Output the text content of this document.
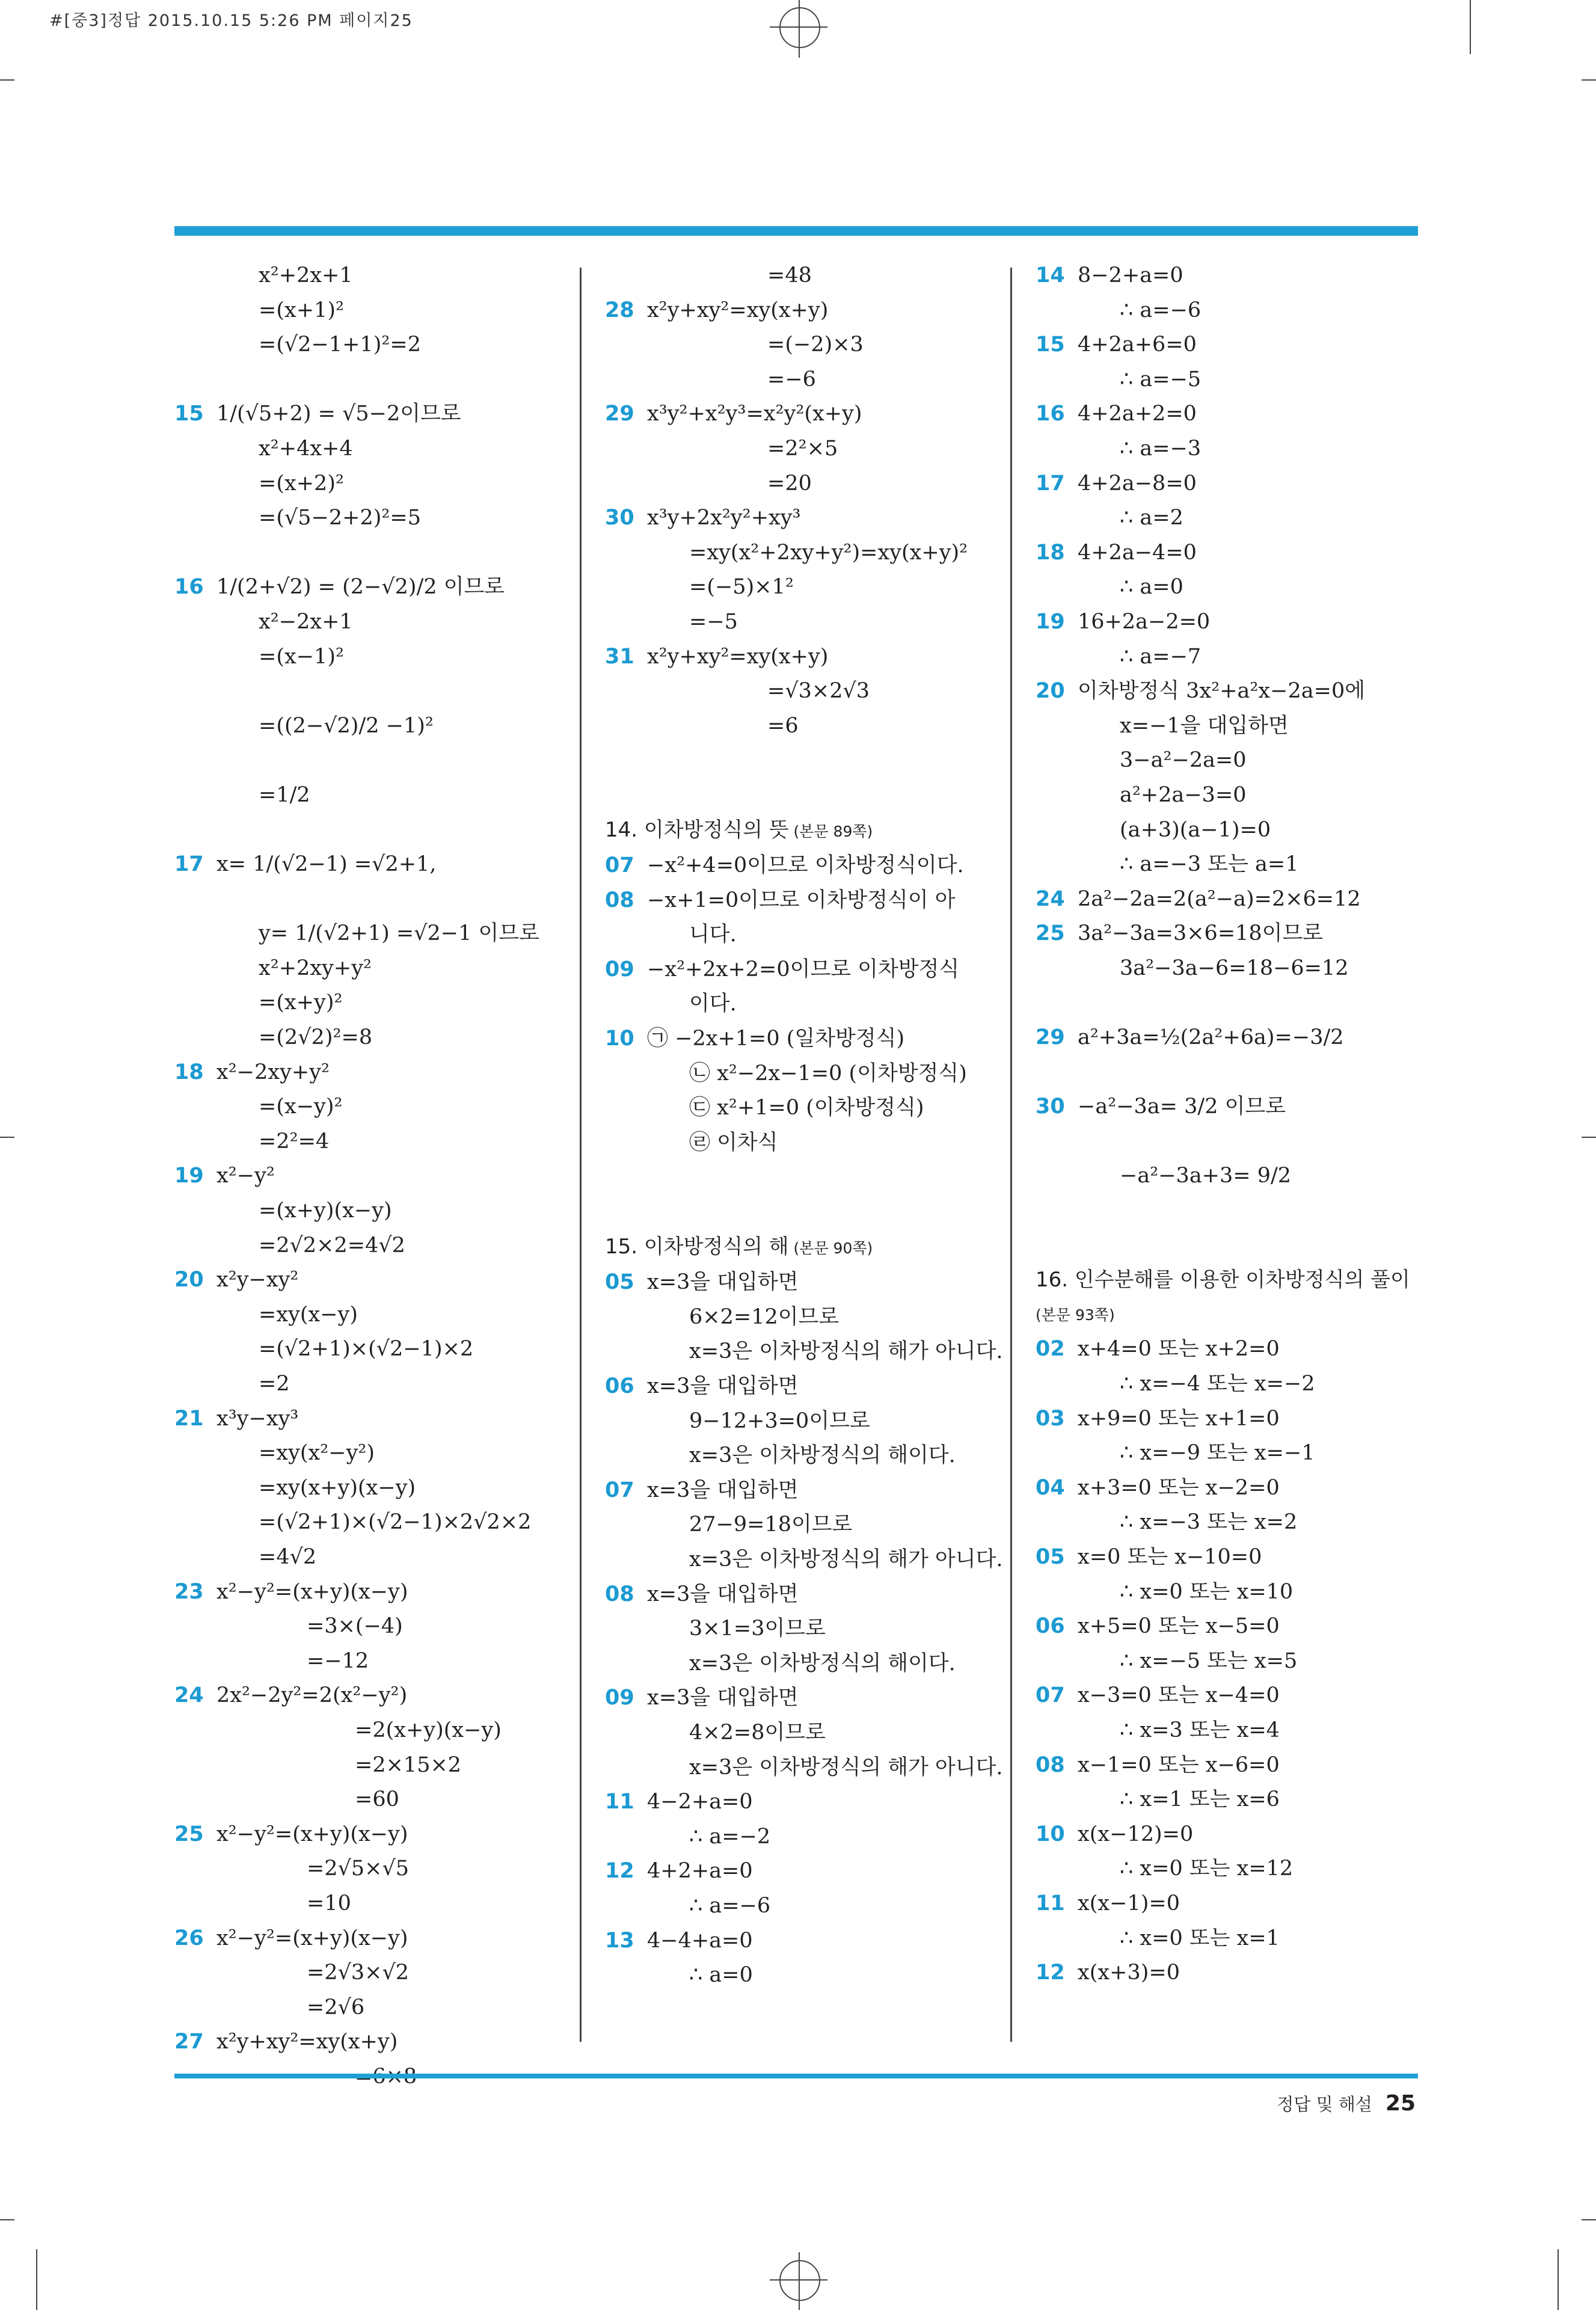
#[중3]정답 2015.10.15 5:26 PM 페이지25
x²+2x+1
=(x+1)²
=(√2−1+1)²=2

15 1/(√5+2) = √5−2이므로
x²+4x+4
=(x+2)²
=(√5−2+2)²=5

16 1/(2+√2) = (2−√2)/2 이므로
x²−2x+1
=(x−1)²

=((2−√2)/2 −1)²

=1/2

17 x= 1/(√2−1) =√2+1,

y= 1/(√2+1) =√2−1 이므로
x²+2xy+y²
=(x+y)²
=(2√2)²=8
18 x²−2xy+y²
=(x−y)²
=2²=4
19 x²−y²
=(x+y)(x−y)
=2√2×2=4√2
20 x²y−xy²
=xy(x−y)
=(√2+1)×(√2−1)×2
=2
21 x³y−xy³
=xy(x²−y²)
=xy(x+y)(x−y)
=(√2+1)×(√2−1)×2√2×2
=4√2
23 x²−y²=(x+y)(x−y)
=3×(−4)
=−12
24 2x²−2y²=2(x²−y²)
=2(x+y)(x−y)
=2×15×2
=60
25 x²−y²=(x+y)(x−y)
=2√5×√5
=10
26 x²−y²=(x+y)(x−y)
=2√3×√2
=2√6
27 x²y+xy²=xy(x+y)
=48
28 x²y+xy²=xy(x+y)
=(−2)×3
=−6
29 x³y²+x²y³=x²y²(x+y)
=2²×5
=20
30 x³y+2x²y²+xy³
=xy(x²+2xy+y²)=xy(x+y)²
=(−5)×1²
=−5
31 x²y+xy²=xy(x+y)
=√3×2√3
=6

14. 이차방정식의 뜻 (본문 89쪽)
07 −x²+4=0이므로 이차방정식이다.
08 −x+1=0이므로 이차방정식이 아
니다.
09 −x²+2x+2=0이므로 이차방정식
이다.
10 ㉠ −2x+1=0 (일차방정식)
㉡ x²−2x−1=0 (이차방정식)
㉢ x²+1=0 (이차방정식)
㉣ 이차식

15. 이차방정식의 해 (본문 90쪽)
05 x=3을 대입하면
6×2=12이므로
x=3은 이차방정식의 해가 아니다.
06 x=3을 대입하면
9−12+3=0이므로
x=3은 이차방정식의 해이다.
07 x=3을 대입하면
27−9=18이므로
x=3은 이차방정식의 해가 아니다.
08 x=3을 대입하면
3×1=3이므로
x=3은 이차방정식의 해이다.
09 x=3을 대입하면
4×2=8이므로
x=3은 이차방정식의 해가 아니다.
11 4−2+a=0
∴ a=−2
12 4+2+a=0
∴ a=−6
13 4−4+a=0
∴ a=0
14 8−2+a=0
∴ a=−6
15 4+2a+6=0
∴ a=−5
16 4+2a+2=0
∴ a=−3
17 4+2a−8=0
∴ a=2
18 4+2a−4=0
∴ a=0
19 16+2a−2=0
∴ a=−7
20 이차방정식 3x²+a²x−2a=0에
x=−1을 대입하면
3−a²−2a=0
a²+2a−3=0
(a+3)(a−1)=0
∴ a=−3 또는 a=1
24 2a²−2a=2(a²−a)=2×6=12
25 3a²−3a=3×6=18이므로
3a²−3a−6=18−6=12

29 a²+3a=½(2a²+6a)=−3/2

30 −a²−3a= 3/2 이므로

−a²−3a+3= 9/2

16. 인수분해를 이용한 이차방정식의 풀이
(본문 93쪽)
02 x+4=0 또는 x+2=0
∴ x=−4 또는 x=−2
03 x+9=0 또는 x+1=0
∴ x=−9 또는 x=−1
04 x+3=0 또는 x−2=0
∴ x=−3 또는 x=2
05 x=0 또는 x−10=0
∴ x=0 또는 x=10
06 x+5=0 또는 x−5=0
∴ x=−5 또는 x=5
07 x−3=0 또는 x−4=0
∴ x=3 또는 x=4
08 x−1=0 또는 x−6=0
∴ x=1 또는 x=6
10 x(x−12)=0
∴ x=0 또는 x=12
11 x(x−1)=0
∴ x=0 또는 x=1
12 x(x+3)=0
정답 및 해설 25
